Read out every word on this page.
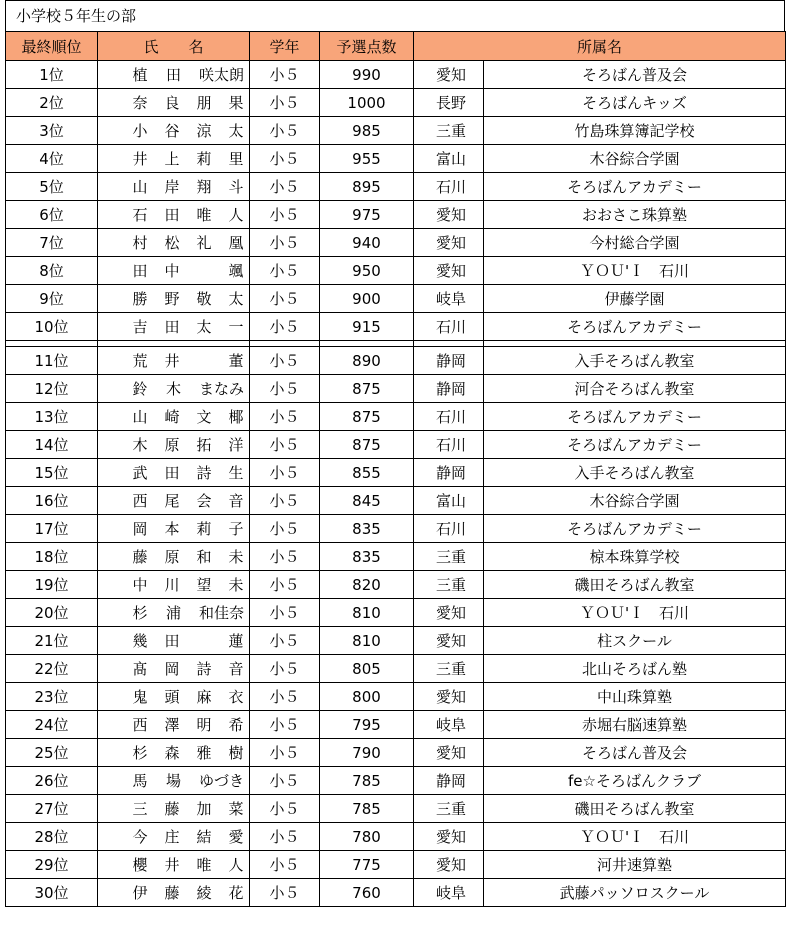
小学校５年生の部
最終順位	氏　　名	学年	予選点数	所属名	
1位	植 田 咲太朗	小５	990	愛知	そろばん普及会
2位	奈 良 朋 果	小５	1000	長野	そろばんキッズ
3位	小 谷 涼 太	小５	985	三重	竹島珠算簿記学校
4位	井 上 莉 里	小５	955	富山	木谷綜合学園
5位	山 岸 翔 斗	小５	895	石川	そろばんアカデミー
6位	石 田 唯 人	小５	975	愛知	おおさこ珠算塾
7位	村 松 礼 凰	小５	940	愛知	今村総合学園
8位	田 中 颯	小５	950	愛知	ＹＯＵ'Ｉ　石川
9位	勝 野 敬 太	小５	900	岐阜	伊藤学園
10位	吉 田 太 一	小５	915	石川	そろばんアカデミー

11位	荒 井 董	小５	890	静岡	入手そろばん教室
12位	鈴 木 まなみ	小５	875	静岡	河合そろばん教室
13位	山 崎 文 椰	小５	875	石川	そろばんアカデミー
14位	木 原 拓 洋	小５	875	石川	そろばんアカデミー
15位	武 田 詩 生	小５	855	静岡	入手そろばん教室
16位	西 尾 会 音	小５	845	富山	木谷綜合学園
17位	岡 本 莉 子	小５	835	石川	そろばんアカデミー
18位	藤 原 和 未	小５	835	三重	椋本珠算学校
19位	中 川 望 未	小５	820	三重	磯田そろばん教室
20位	杉 浦 和佳奈	小５	810	愛知	ＹＯＵ'Ｉ　石川
21位	幾 田 蓮	小５	810	愛知	柱スクール
22位	髙 岡 詩 音	小５	805	三重	北山そろばん塾
23位	鬼 頭 麻 衣	小５	800	愛知	中山珠算塾
24位	西 澤 明 希	小５	795	岐阜	赤堀右脳速算塾
25位	杉 森 雅 樹	小５	790	愛知	そろばん普及会
26位	馬 場 ゆづき	小５	785	静岡	fe☆そろばんクラブ
27位	三 藤 加 菜	小５	785	三重	磯田そろばん教室
28位	今 庄 結 愛	小５	780	愛知	ＹＯＵ'Ｉ　石川
29位	櫻 井 唯 人	小５	775	愛知	河井速算塾
30位	伊 藤 綾 花	小５	760	岐阜	武藤パッソロスクール
